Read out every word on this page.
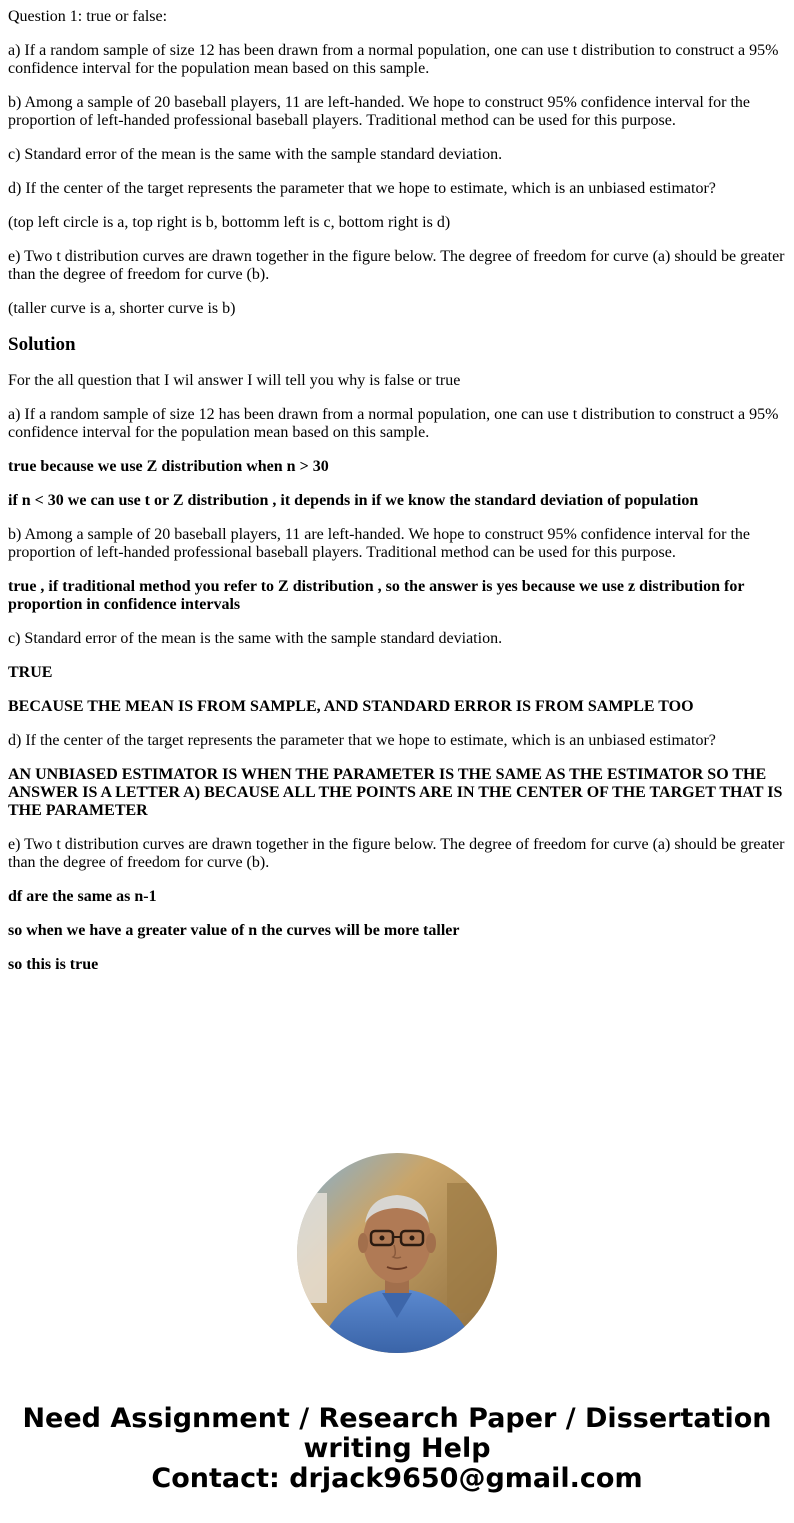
Question 1: true or false:

a) If a random sample of size 12 has been drawn from a normal population, one can use t distribution to construct a 95% confidence interval for the population mean based on this sample.

b) Among a sample of 20 baseball players, 11 are left-handed. We hope to construct 95% confidence interval for the proportion of left-handed professional baseball players. Traditional method can be used for this purpose.

c) Standard error of the mean is the same with the sample standard deviation.

d) If the center of the target represents the parameter that we hope to estimate, which is an unbiased estimator?

(top left circle is a, top right is b, bottomm left is c, bottom right is d)

e) Two t distribution curves are drawn together in the figure below. The degree of freedom for curve (a) should be greater than the degree of freedom for curve (b).

(taller curve is a, shorter curve is b)

Solution

For the all question that I wil answer I will tell you why is false or true

a) If a random sample of size 12 has been drawn from a normal population, one can use t distribution to construct a 95% confidence interval for the population mean based on this sample.

true because we use Z distribution when n > 30

if n < 30 we can use t or Z distribution , it depends in if we know the standard deviation of population

b) Among a sample of 20 baseball players, 11 are left-handed. We hope to construct 95% confidence interval for the proportion of left-handed professional baseball players. Traditional method can be used for this purpose.

true , if traditional method you refer to Z distribution , so the answer is yes because we use z distribution for proportion in confidence intervals

c) Standard error of the mean is the same with the sample standard deviation.

TRUE

BECAUSE THE MEAN IS FROM SAMPLE, AND STANDARD ERROR IS FROM SAMPLE TOO

d) If the center of the target represents the parameter that we hope to estimate, which is an unbiased estimator?

AN UNBIASED ESTIMATOR IS WHEN THE PARAMETER IS THE SAME AS THE ESTIMATOR SO THE ANSWER IS A LETTER A) BECAUSE ALL THE POINTS ARE IN THE CENTER OF THE TARGET THAT IS THE PARAMETER

e) Two t distribution curves are drawn together in the figure below. The degree of freedom for curve (a) should be greater than the degree of freedom for curve (b).

df are the same as n-1

so when we have a greater value of n the curves will be more taller

so this is true

Need Assignment / Research Paper / Dissertation
writing Help
Contact: drjack9650@gmail.com
